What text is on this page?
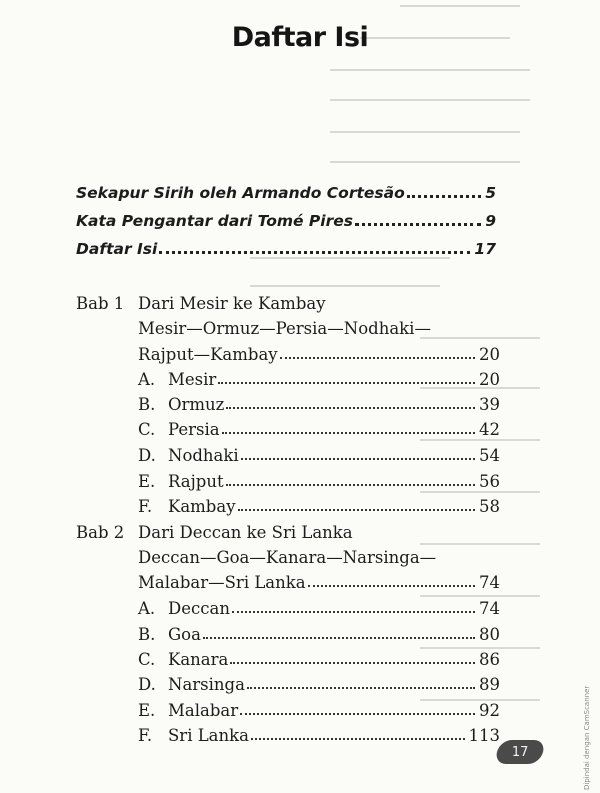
Daftar Isi
Sekapur Sirih oleh Armando Cortesão	5
Kata Pengantar dari Tomé Pires	9
Daftar Isi	17
Bab 1 Dari Mesir ke Kambay
Mesir—Ormuz—Persia—Nodhaki—
Rajput—Kambay	20
A. Mesir	20
B. Ormuz	39
C. Persia	42
D. Nodhaki	54
E. Rajput	56
F. Kambay	58
Bab 2 Dari Deccan ke Sri Lanka
Deccan—Goa—Kanara—Narsinga—
Malabar—Sri Lanka	74
A. Deccan	74
B. Goa	80
C. Kanara	86
D. Narsinga	89
E. Malabar	92
F. Sri Lanka	113
17	Dipindai dengan CamScanner
